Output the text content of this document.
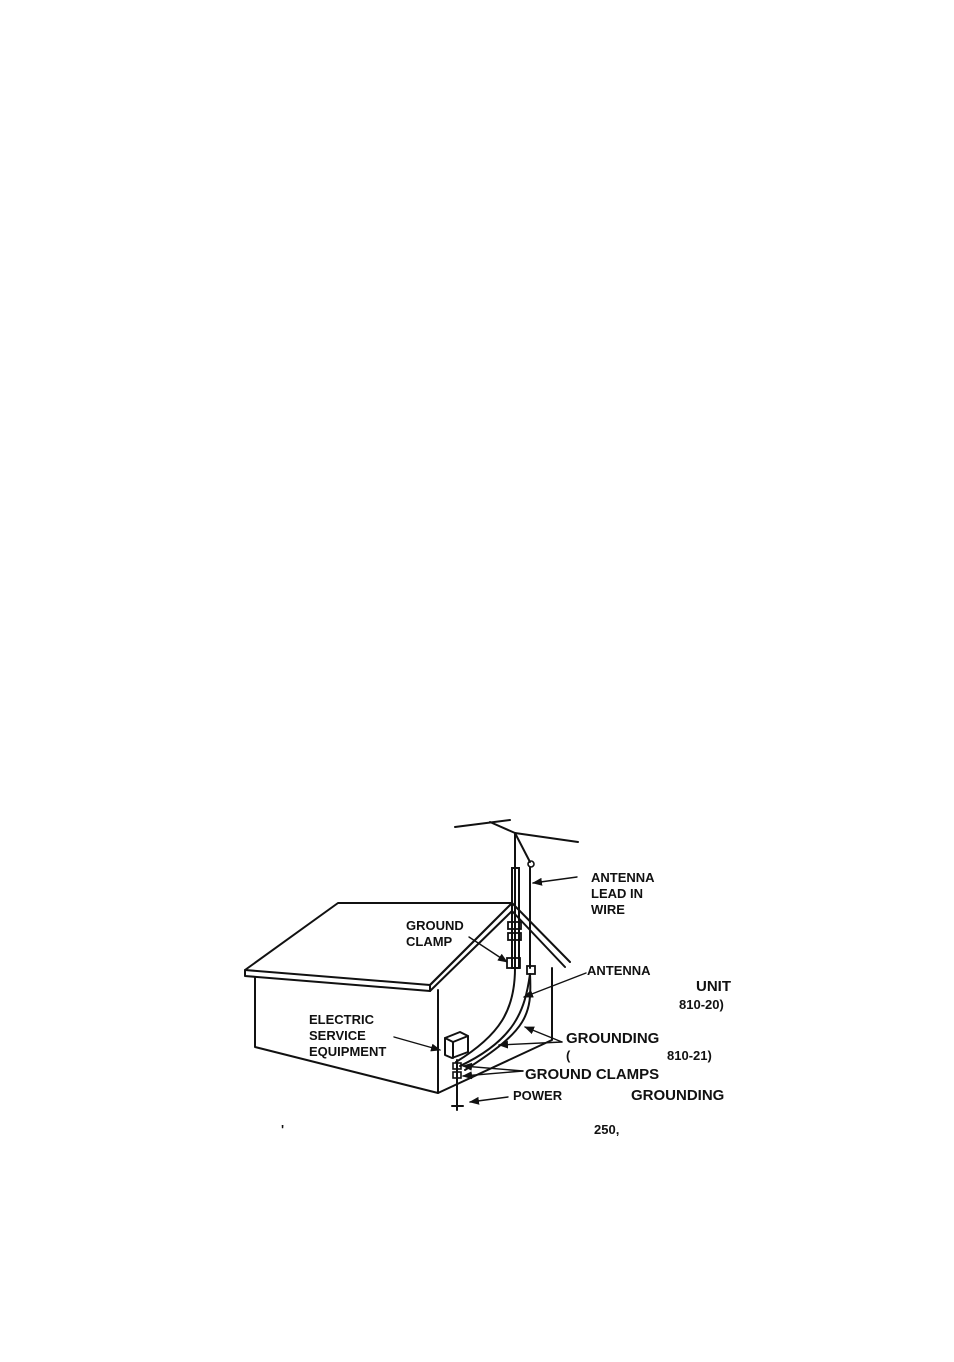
ANTENNA
LEAD IN
WIRE
GROUND
CLAMP
ANTENNA
UNIT
810-20)
ELECTRIC
SERVICE
EQUIPMENT
GROUNDING
(	810-21)
GROUND CLAMPS
POWER	GROUNDING
'	250,
